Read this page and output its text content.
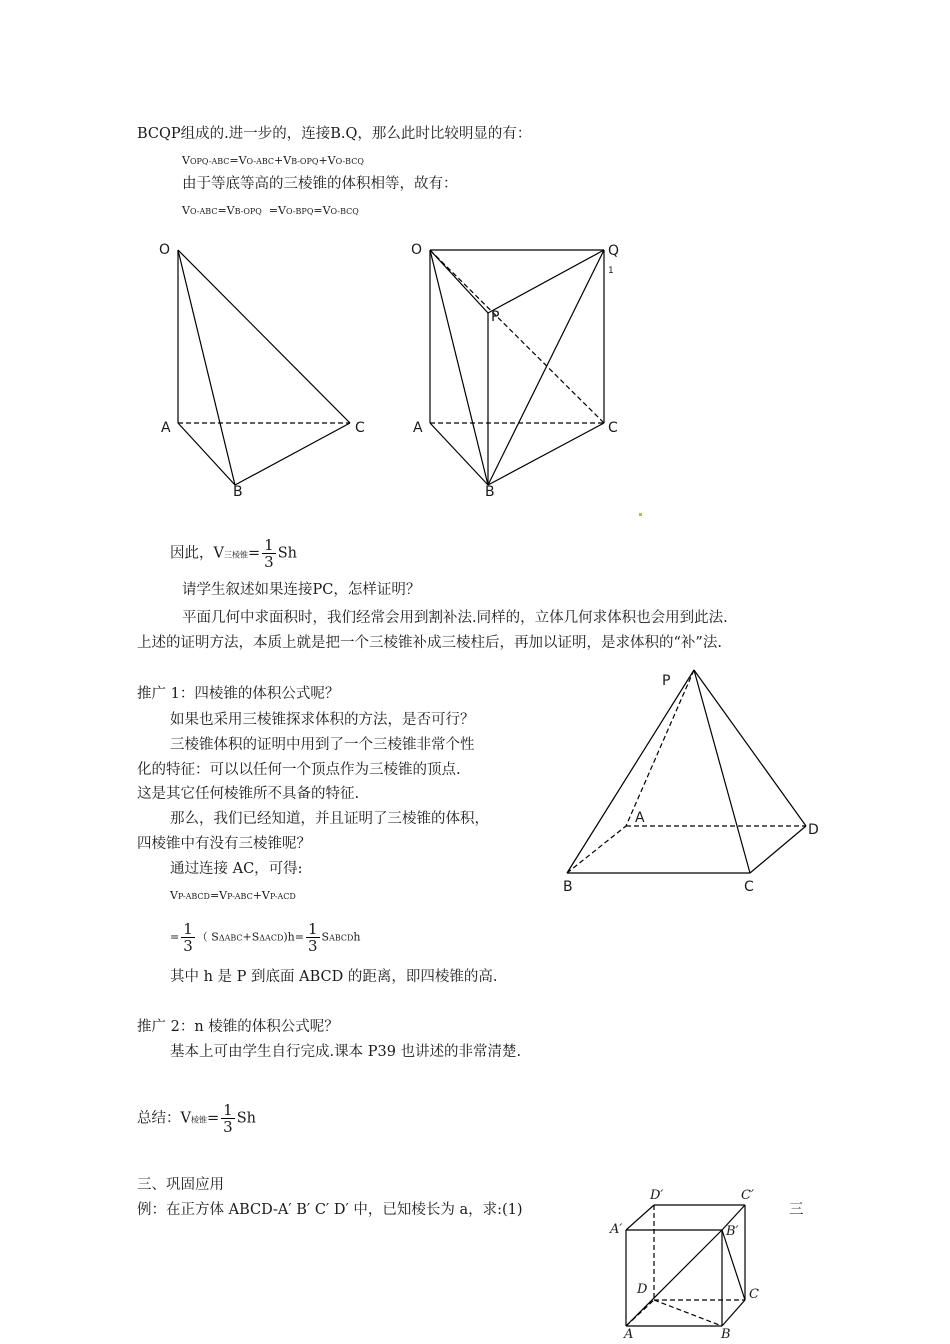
BCQP组成的.进一步的，连接B.Q，那么此时比较明显的有：
VOPQ-ABC=VO-ABC+VB-OPQ+VO-BCQ
由于等底等高的三棱锥的体积相等，故有：
VO-ABC=VB-OPQ  =VO-BPQ=VO-BCQ
O
A	C
B
O	Q
1
P
A	C
B
因此，V三棱锥= $\frac{1}{3}$ Sh
请学生叙述如果连接PC，怎样证明？
平面几何中求面积时，我们经常会用到割补法.同样的，立体几何求体积也会用到此法.
上述的证明方法，本质上就是把一个三棱锥补成三棱柱后，再加以证明，是求体积的“补”法.
推广 1：四棱锥的体积公式呢？
如果也采用三棱锥探求体积的方法，是否可行？
三棱锥体积的证明中用到了一个三棱锥非常个性
化的特征：可以以任何一个顶点作为三棱锥的顶点.
这是其它任何棱锥所不具备的特征.
那么，我们已经知道，并且证明了三棱锥的体积，
四棱锥中有没有三棱锥呢？
通过连接 AC，可得:
VP-ABCD=VP-ABC+VP-ACD
= $\frac{1}{3}$ （ $S\Delta ABC+S\Delta ACD)h= \frac{1}{3}$ SABCDh
其中 h 是 P 到底面 ABCD 的距离，即四棱锥的高.
P
A
D
B	C
推广 2：n 棱锥的体积公式呢？
基本上可由学生自行完成.课本 P39 也讲述的非常清楚.
总结：V棱锥= $\frac{1}{3}$ Sh
三、巩固应用
例：在正方体 ABCD-A′ B′ C′ D′ 中，已知棱长为 a，求:(1)	三
D′	C′
A′	B′
D	C
A	B
